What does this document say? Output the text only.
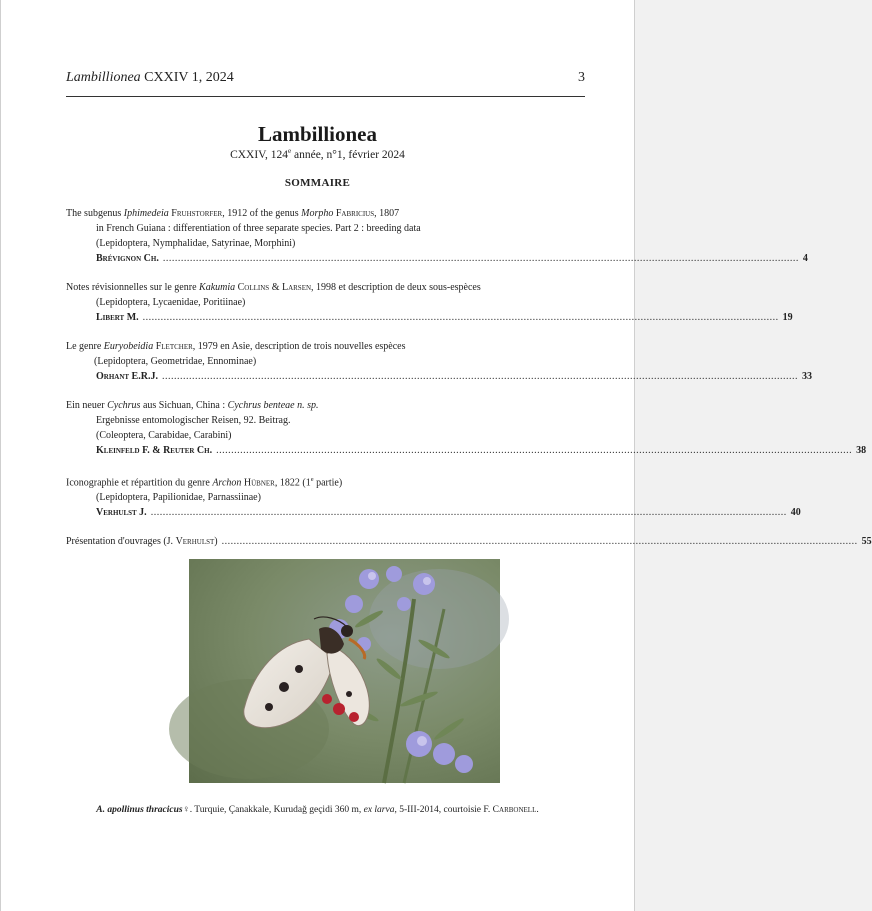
Lambillionea CXXIV 1, 2024	3
Lambillionea
CXXIV, 124e année, n°1, février 2024
SOMMAIRE
The subgenus Iphimedeia Fruhstorfer, 1912 of the genus Morpho Fabricius, 1807
in French Guiana : differentiation of three separate species. Part 2 : breeding data
(Lepidoptera, Nymphalidae, Satyrinae, Morphini)
Brévignon Ch. .................................................................................................................................................................................................................... 4
Notes révisionnelles sur le genre Kakumia Collins & Larsen, 1998 et description de deux sous-espèces
(Lepidoptera, Lycaenidae, Poritiinae)
Libert M. .................................................................................................................................................................................................................... 19
Le genre Euryobeidia Fletcher, 1979 en Asie, description de trois nouvelles espèces
(Lepidoptera, Geometridae, Ennominae)
Orhant E.R.J. .................................................................................................................................................................................................................... 33
Ein neuer Cychrus aus Sichuan, China : Cychrus benteae n. sp.
Ergebnisse entomologischer Reisen, 92. Beitrag.
(Coleoptera, Carabidae, Carabini)
Kleinfeld F. & Reuter Ch. .................................................................................................................................................................................................................... 38
Iconographie et répartition du genre Archon Hübner, 1822 (1e partie)
(Lepidoptera, Papilionidae, Parnassiinae)
Verhulst J. .................................................................................................................................................................................................................... 40
Présentation d'ouvrages (J. Verhulst) .................................................................................................................................................................................................................... 55
A. apollinus thracicus♀. Turquie, Çanakkale, Kurudağ geçidi 360 m, ex larva, 5-III-2014, courtoisie F. Carbonell.
